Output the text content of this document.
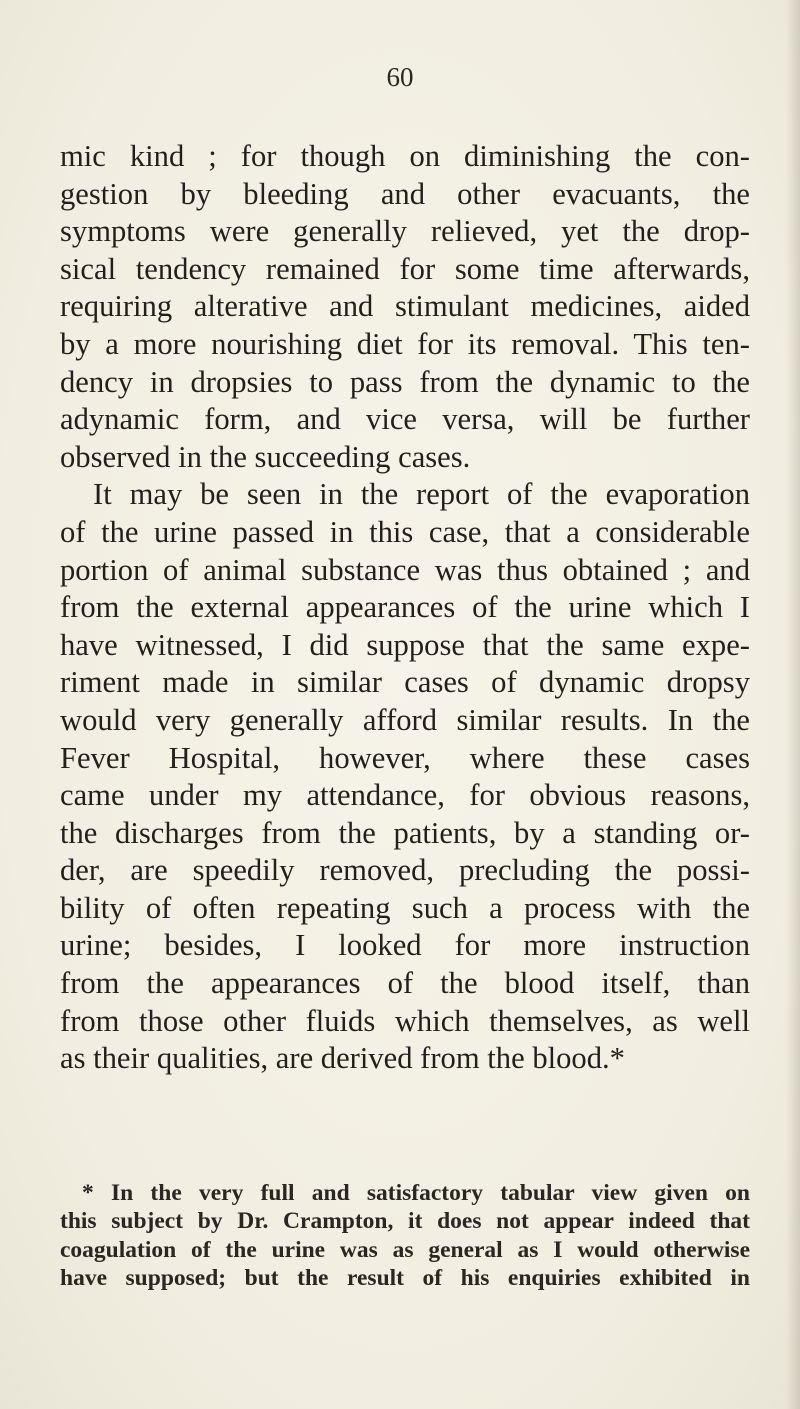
60
mic kind ; for though on diminishing the con-
gestion by bleeding and other evacuants, the
symptoms were generally relieved, yet the drop-
sical tendency remained for some time afterwards,
requiring alterative and stimulant medicines, aided
by a more nourishing diet for its removal. This ten-
dency in dropsies to pass from the dynamic to the
adynamic form, and vice versa, will be further
observed in the succeeding cases.
It may be seen in the report of the evaporation
of the urine passed in this case, that a considerable
portion of animal substance was thus obtained ; and
from the external appearances of the urine which I
have witnessed, I did suppose that the same expe-
riment made in similar cases of dynamic dropsy
would very generally afford similar results. In the
Fever Hospital, however, where these cases
came under my attendance, for obvious reasons,
the discharges from the patients, by a standing or-
der, are speedily removed, precluding the possi-
bility of often repeating such a process with the
urine; besides, I looked for more instruction
from the appearances of the blood itself, than
from those other fluids which themselves, as well
as their qualities, are derived from the blood.*
* In the very full and satisfactory tabular view given on
this subject by Dr. Crampton, it does not appear indeed that
coagulation of the urine was as general as I would otherwise
have supposed; but the result of his enquiries exhibited in
